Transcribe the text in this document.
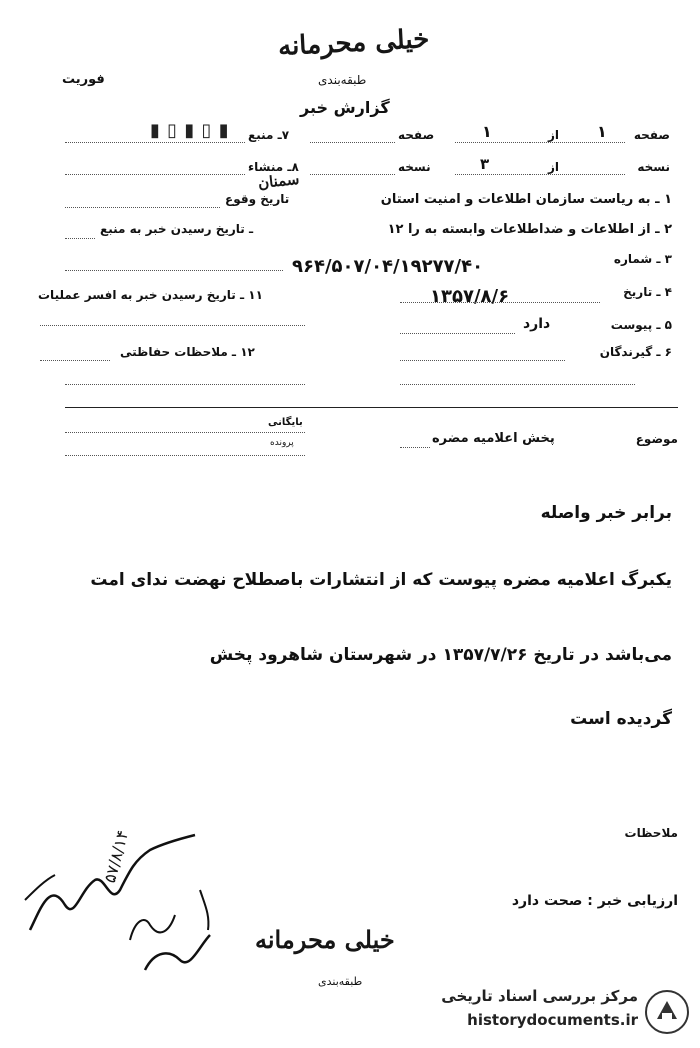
خیلی محرمانه
طبقه‌بندی
فوریت
گزارش خبر
صفحه
۱
از
۱
صفحه
۷ـ منبع
▮ ▯ ▮ ▯ ▮
نسخه
از
۳
نسخه
۸ـ منشاء
سمنان
۱ ـ به ریاست سازمان اطلاعات و امنیت استان
تاریخ وقوع
۲ ـ از اطلاعات و ضداطلاعات وابسته به را ۱۲
ـ تاریخ رسیدن خبر به منبع
۳ ـ شماره
۹۶۴/۵۰۷/۰۴/۱۹۲۷۷/۴۰
۴ ـ تاریخ
۱۳۵۷/۸/۶
۱۱ ـ تاریخ رسیدن خبر به افسر عملیات
۵ ـ پیوست
دارد
۶ ـ گیرندگان
۱۲ ـ ملاحظات حفاظتی
بایگانی
پرونده	موضوع
پخش اعلامیه مضره
برابر خبر واصله
یکبرگ اعلامیه مضره پیوست که از انتشارات باصطلاح نهضت ندای امت
می‌باشد در تاریخ ۱۳۵۷/۷/۲۶ در شهرستان شاهرود پخش
گردیده است
ملاحظات
ارزیابی خبر : صحت دارد
خیلی محرمانه
طبقه‌بندی
۵۷/۸/۱۴
مرکز بررسی اسناد تاریخی
historydocuments.ir
